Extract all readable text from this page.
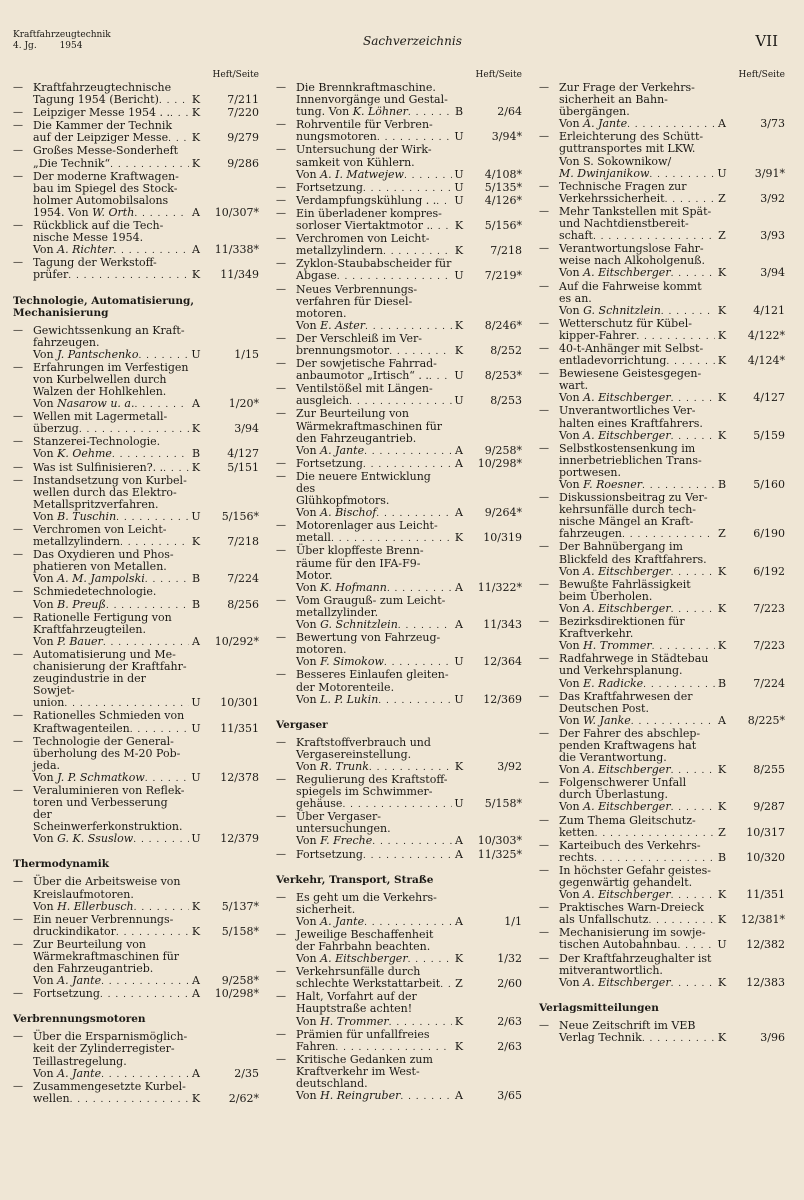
Kraftfahrzeugtechnik
4. Jg.	1954	Sachverzeichnis	VII
Heft/Seite
— Kraftfahrzeugtechnische
Tagung 1954 (Bericht) . . .	K	7/211
— Leipziger Messe 1954 . . . . . K	7/220
— Die Kammer der Technik
auf der Leipziger Messe . . . K	9/279
— Großes Messe-Sonderheft
„Die Technik“ . . .	K	9/286
— Der moderne Kraftwagen-
bau im Spiegel des Stock-
holmer Automobilsalons
1954. Von W. Orth . . .	A	10/307*
— Rückblick auf die Tech-
nische Messe 1954.
Von A. Richter . . .	A	11/338*
— Tagung der Werkstoff-
prüfer . . .	K	11/349
Technologie, Automatisierung, Mechanisierung
— Gewichtssenkung an Kraft-
fahrzeugen.
Von J. Pantschenko . . .	U	1/15
— Erfahrungen im Verfestigen
von Kurbelwellen durch
Walzen der Hohlkehlen.
Von Nasarow u. a. . . .	A	1/20*
— Wellen mit Lagermetall-
überzug . . .	K	3/94
— Stanzerei-Technologie.
Von K. Oehme . . .	B	4/127
— Was ist Sulfinisieren?. . . . .	K	5/151
— Instandsetzung von Kurbel-
wellen durch das Elektro-
Metallspritzverfahren.
Von B. Tuschin . . .	U	5/156*
— Verchromen von Leicht-
metallzylindern . . .	K	7/218
— Das Oxydieren und Phos-
phatieren von Metallen.
Von A. M. Jampolski . . .	B	7/224
— Schmiedetechnologie.
Von B. Preuß . . .	B	8/256
— Rationelle Fertigung von
Kraftfahrzeugteilen.
Von P. Bauer . . .	A	10/292*
— Automatisierung und Me-
chanisierung der Kraftfahr-
zeugindustrie in der Sowjet-
union . . .	U	10/301
— Rationelles Schmieden von
Kraftwagenteilen . . .	U	11/351
— Technologie der General-
überholung des M-20 Pob-
jeda.
Von J. P. Schmatkow . . .	U	12/378
— Veraluminieren von Reflek-
toren und Verbesserung der
Scheinwerferkonstruktion.
Von G. K. Ssuslow . . .	U	12/379
Thermodynamik
— Über die Arbeitsweise von
Kreislaufmotoren.
Von H. Ellerbusch . . .	K	5/137*
— Ein neuer Verbrennungs-
druckindikator . . .	K	5/158*
— Zur Beurteilung von
Wärmekraftmaschinen für
den Fahrzeugantrieb.
Von A. Jante . . .	A	9/258*
— Fortsetzung . . .	A	10/298*
Verbrennungsmotoren
— Über die Ersparnismöglich-
keit der Zylinderregister-
Teillastregelung.
Von A. Jante . . .	A	2/35
— Zusammengesetzte Kurbel-
wellen . . .	K	2/62*
Heft/Seite
— Die Brennkraftmaschine.
Innenvorgänge und Gestal-
tung. Von K. Löhner . . .	B	2/64
— Rohrventile für Verbren-
nungsmotoren . . .	U	3/94*
— Untersuchung der Wirk-
samkeit von Kühlern.
Von A. I. Matwejew . . .	U	4/108*
— Fortsetzung . . .	U	5/135*
— Verdampfungskühlung . . . . . U	4/126*
— Ein überladener kompres-
sorloser Viertaktmotor . . . . K	5/156*
— Verchromen von Leicht-
metallzylindern . . .	K	7/218
— Zyklon-Staubabscheider für
Abgase . . .	U	7/219*
— Neues Verbrennungs-
verfahren für Diesel-
motoren.
Von E. Aster . . .	K	8/246*
— Der Verschleiß im Ver-
brennungsmotor . . .	K	8/252
— Der sowjetische Fahrrad-
anbaumotor „Irtisch“ . . . . . U	8/253*
— Ventilstößel mit Längen-
ausgleich . . .	U	8/253
— Zur Beurteilung von
Wärmekraftmaschinen für
den Fahrzeugantrieb.
Von A. Jante . . .	A	9/258*
— Fortsetzung . . .	A	10/298*
— Die neuere Entwicklung des
Glühkopfmotors.
Von A. Bischof . . .	A	9/264*
— Motorenlager aus Leicht-
metall . . .	K	10/319
— Über klopffeste Brenn-
räume für den IFA-F9-
Motor.
Von K. Hofmann . . .	A	11/322*
— Vom Grauguß- zum Leicht-
metallzylinder.
Von G. Schnitzlein . . .	A	11/343
— Bewertung von Fahrzeug-
motoren.
Von F. Simokow . . .	U	12/364
— Besseres Einlaufen gleiten-
der Motorenteile.
Von L. P. Lukin . . .	U	12/369
Vergaser
— Kraftstoffverbrauch und
Vergasereinstellung.
Von R. Trunk . . .	K	3/92
— Regulierung des Kraftstoff-
spiegels im Schwimmer-
gehäuse . . .	U	5/158*
— Über Vergaser-
untersuchungen.
Von F. Freche . . .	A	10/303*
— Fortsetzung . . .	A	11/325*
Verkehr, Transport, Straße
— Es geht um die Verkehrs-
sicherheit.
Von A. Jante . . .	A	1/1
— Jeweilige Beschaffenheit
der Fahrbahn beachten.
Von A. Eitschberger . . .	K	1/32
— Verkehrsunfälle durch
schlechte Werkstattarbeit . . . Z	2/60
— Halt, Vorfahrt auf der
Hauptstraße achten!
Von H. Trommer . . .	K	2/63
— Prämien für unfallfreies
Fahren . . .	K	2/63
— Kritische Gedanken zum
Kraftverkehr im West-
deutschland.
Von H. Reingruber . . .	A	3/65
Heft/Seite
— Zur Frage der Verkehrs-
sicherheit an Bahn-
übergängen.
Von A. Jante . . .	A	3/73
— Erleichterung des Schütt-
guttransportes mit LKW.
Von S. Sokownikow/
M. Dwinjanikow . . .	U	3/91*
— Technische Fragen zur
Verkehrssicherheit . . .	Z	3/92
— Mehr Tankstellen mit Spät-
und Nachtdienstbereit-
schaft . . .	Z	3/93
— Verantwortungslose Fahr-
weise nach Alkoholgenuß.
Von A. Eitschberger . . .	K	3/94
— Auf die Fahrweise kommt
es an.
Von G. Schnitzlein . . .	K	4/121
— Wetterschutz für Kübel-
kipper-Fahrer . . .	K	4/122*
— 40-t-Anhänger mit Selbst-
entladevorrichtung . . .	K	4/124*
— Bewiesene Geistesgegen-
wart.
Von A. Eitschberger . . .	K	4/127
— Unverantwortliches Ver-
halten eines Kraftfahrers.
Von A. Eitschberger . . .	K	5/159
— Selbstkostensenkung im
innerbetrieblichen Trans-
portwesen.
Von F. Roesner . . .	B	5/160
— Diskussionsbeitrag zu Ver-
kehrsunfälle durch tech-
nische Mängel an Kraft-
fahrzeugen . . .	Z	6/190
— Der Bahnübergang im
Blickfeld des Kraftfahrers.
Von A. Eitschberger . . .	K	6/192
— Bewußte Fahrlässigkeit
beim Überholen.
Von A. Eitschberger . . .	K	7/223
— Bezirksdirektionen für
Kraftverkehr.
Von H. Trommer . . .	K	7/223
— Radfahrwege in Städtebau
und Verkehrsplanung.
Von E. Radicke . . .	B	7/224
— Das Kraftfahrwesen der
Deutschen Post.
Von W. Janke . . .	A	8/225*
— Der Fahrer des abschlep-
penden Kraftwagens hat
die Verantwortung.
Von A. Eitschberger . . .	K	8/255
— Folgenschwerer Unfall
durch Überlastung.
Von A. Eitschberger . . .	K	9/287
— Zum Thema Gleitschutz-
ketten . . .	Z	10/317
— Karteibuch des Verkehrs-
rechts . . .	B	10/320
— In höchster Gefahr geistes-
gegenwärtig gehandelt.
Von A. Eitschberger . . .	K	11/351
— Praktisches Warn-Dreieck
als Unfallschutz . . .	K	12/381*
— Mechanisierung im sowje-
tischen Autobahnbau . . .	U	12/382
— Der Kraftfahrzeughalter ist
mitverantwortlich.
Von A. Eitschberger . . .	K	12/383
Verlagsmitteilungen
— Neue Zeitschrift im VEB
Verlag Technik . . .	K	3/96
